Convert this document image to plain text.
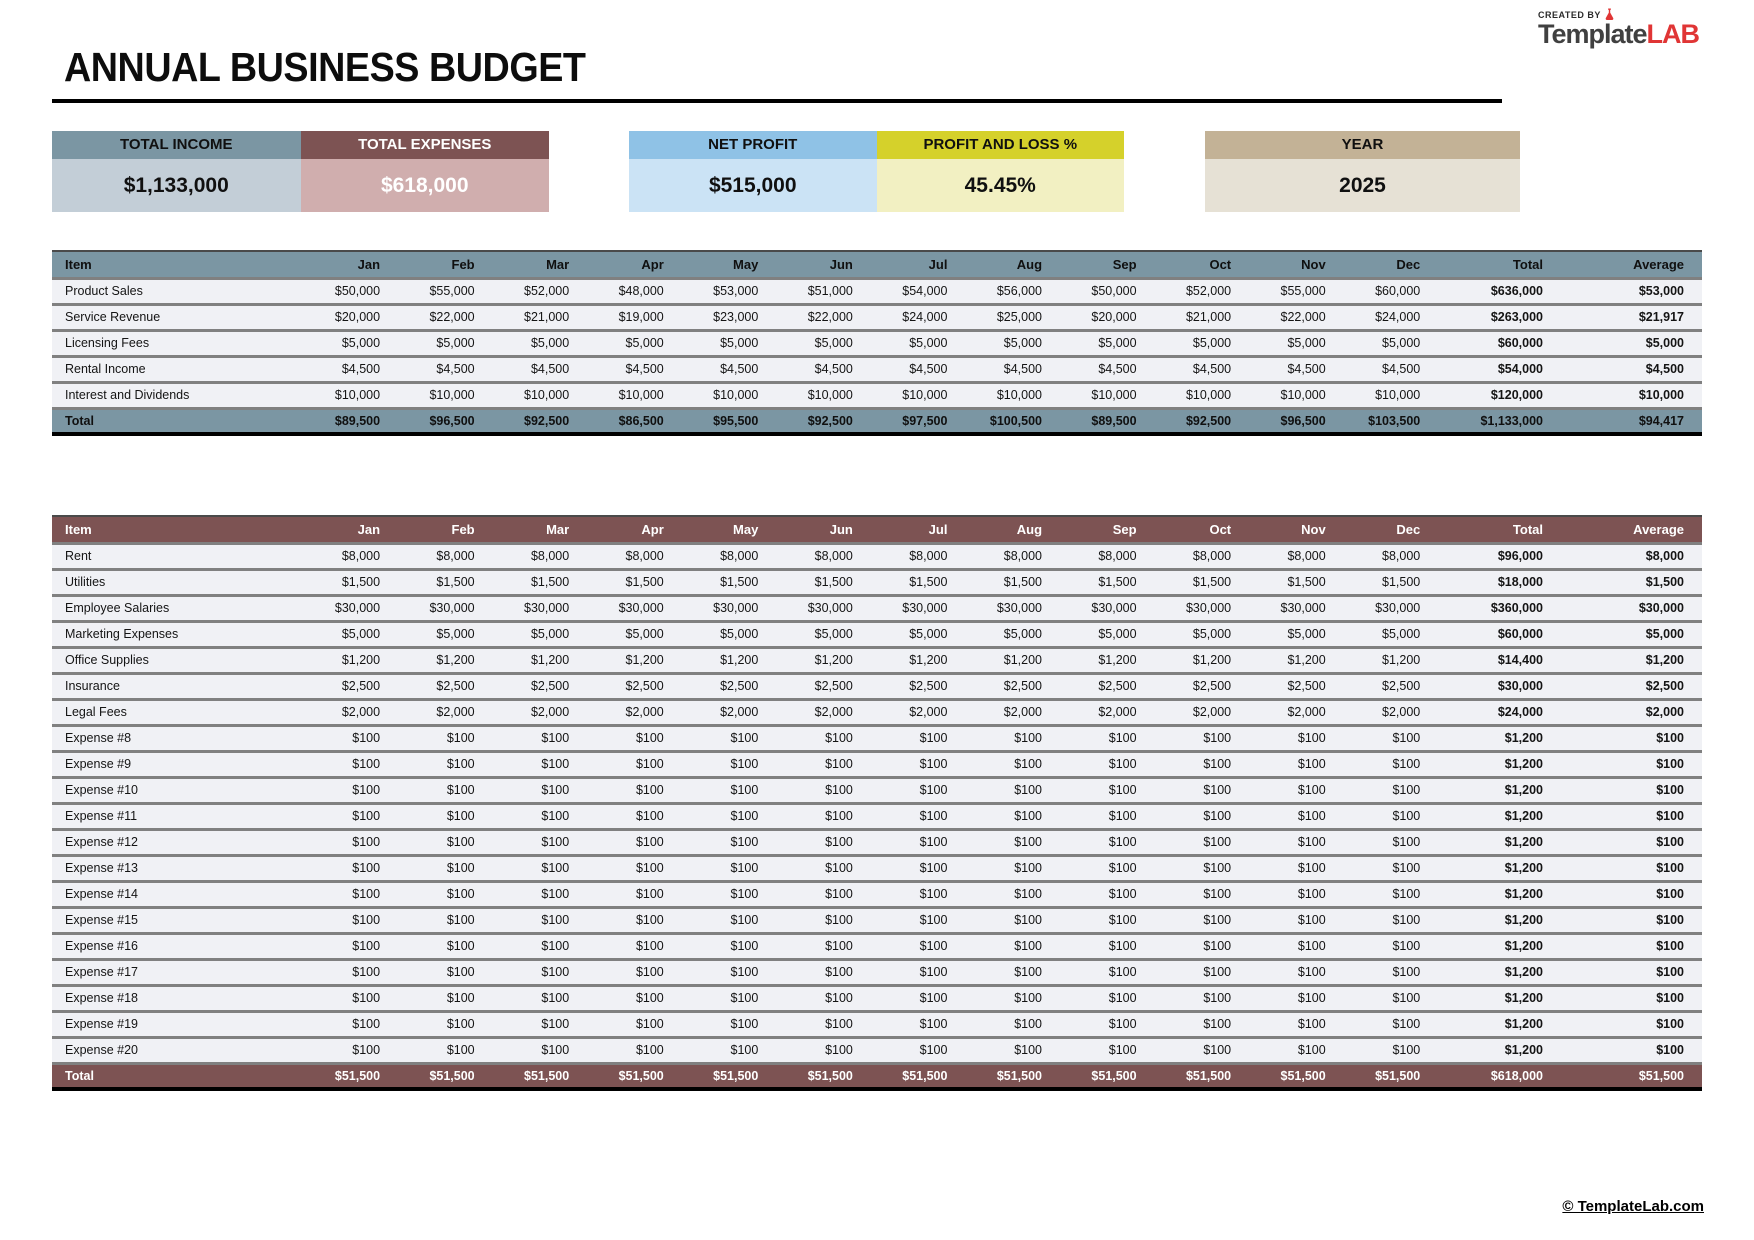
CREATED BY
TemplateLAB
ANNUAL BUSINESS BUDGET
TOTAL INCOME
$1,133,000
TOTAL EXPENSES
$618,000
NET PROFIT
$515,000
PROFIT AND LOSS %
45.45%
YEAR
2025
Item	Jan	Feb	Mar	Apr	May	Jun	Jul	Aug	Sep	Oct	Nov	Dec	Total	Average
Product Sales	$50,000	$55,000	$52,000	$48,000	$53,000	$51,000	$54,000	$56,000	$50,000	$52,000	$55,000	$60,000	$636,000	$53,000
Service Revenue	$20,000	$22,000	$21,000	$19,000	$23,000	$22,000	$24,000	$25,000	$20,000	$21,000	$22,000	$24,000	$263,000	$21,917
Licensing Fees	$5,000	$5,000	$5,000	$5,000	$5,000	$5,000	$5,000	$5,000	$5,000	$5,000	$5,000	$5,000	$60,000	$5,000
Rental Income	$4,500	$4,500	$4,500	$4,500	$4,500	$4,500	$4,500	$4,500	$4,500	$4,500	$4,500	$4,500	$54,000	$4,500
Interest and Dividends	$10,000	$10,000	$10,000	$10,000	$10,000	$10,000	$10,000	$10,000	$10,000	$10,000	$10,000	$10,000	$120,000	$10,000
Total	$89,500	$96,500	$92,500	$86,500	$95,500	$92,500	$97,500	$100,500	$89,500	$92,500	$96,500	$103,500	$1,133,000	$94,417
Item	Jan	Feb	Mar	Apr	May	Jun	Jul	Aug	Sep	Oct	Nov	Dec	Total	Average
Rent	$8,000	$8,000	$8,000	$8,000	$8,000	$8,000	$8,000	$8,000	$8,000	$8,000	$8,000	$8,000	$96,000	$8,000
Utilities	$1,500	$1,500	$1,500	$1,500	$1,500	$1,500	$1,500	$1,500	$1,500	$1,500	$1,500	$1,500	$18,000	$1,500
Employee Salaries	$30,000	$30,000	$30,000	$30,000	$30,000	$30,000	$30,000	$30,000	$30,000	$30,000	$30,000	$30,000	$360,000	$30,000
Marketing Expenses	$5,000	$5,000	$5,000	$5,000	$5,000	$5,000	$5,000	$5,000	$5,000	$5,000	$5,000	$5,000	$60,000	$5,000
Office Supplies	$1,200	$1,200	$1,200	$1,200	$1,200	$1,200	$1,200	$1,200	$1,200	$1,200	$1,200	$1,200	$14,400	$1,200
Insurance	$2,500	$2,500	$2,500	$2,500	$2,500	$2,500	$2,500	$2,500	$2,500	$2,500	$2,500	$2,500	$30,000	$2,500
Legal Fees	$2,000	$2,000	$2,000	$2,000	$2,000	$2,000	$2,000	$2,000	$2,000	$2,000	$2,000	$2,000	$24,000	$2,000
Expense #8	$100	$100	$100	$100	$100	$100	$100	$100	$100	$100	$100	$100	$1,200	$100
Expense #9	$100	$100	$100	$100	$100	$100	$100	$100	$100	$100	$100	$100	$1,200	$100
Expense #10	$100	$100	$100	$100	$100	$100	$100	$100	$100	$100	$100	$100	$1,200	$100
Expense #11	$100	$100	$100	$100	$100	$100	$100	$100	$100	$100	$100	$100	$1,200	$100
Expense #12	$100	$100	$100	$100	$100	$100	$100	$100	$100	$100	$100	$100	$1,200	$100
Expense #13	$100	$100	$100	$100	$100	$100	$100	$100	$100	$100	$100	$100	$1,200	$100
Expense #14	$100	$100	$100	$100	$100	$100	$100	$100	$100	$100	$100	$100	$1,200	$100
Expense #15	$100	$100	$100	$100	$100	$100	$100	$100	$100	$100	$100	$100	$1,200	$100
Expense #16	$100	$100	$100	$100	$100	$100	$100	$100	$100	$100	$100	$100	$1,200	$100
Expense #17	$100	$100	$100	$100	$100	$100	$100	$100	$100	$100	$100	$100	$1,200	$100
Expense #18	$100	$100	$100	$100	$100	$100	$100	$100	$100	$100	$100	$100	$1,200	$100
Expense #19	$100	$100	$100	$100	$100	$100	$100	$100	$100	$100	$100	$100	$1,200	$100
Expense #20	$100	$100	$100	$100	$100	$100	$100	$100	$100	$100	$100	$100	$1,200	$100
Total	$51,500	$51,500	$51,500	$51,500	$51,500	$51,500	$51,500	$51,500	$51,500	$51,500	$51,500	$51,500	$618,000	$51,500
© TemplateLab.com
